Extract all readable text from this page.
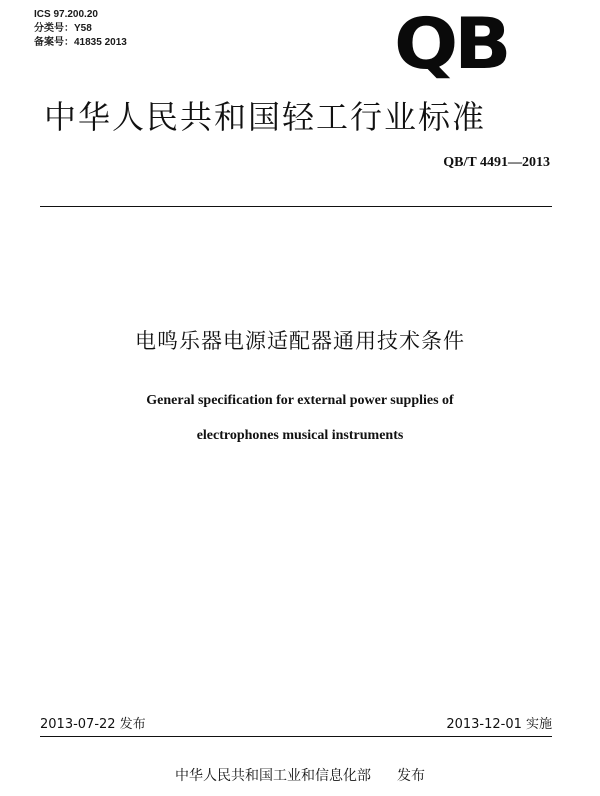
ICS 97.200.20
分类号：Y58
备案号：41835 2013	QB
中华人民共和国轻工行业标准
QB/T 4491—2013
电鸣乐器电源适配器通用技术条件
General specification for external power supplies of
electrophones musical instruments
2013-07-22 发布	2013-12-01 实施
中华人民共和国工业和信息化部 发布
